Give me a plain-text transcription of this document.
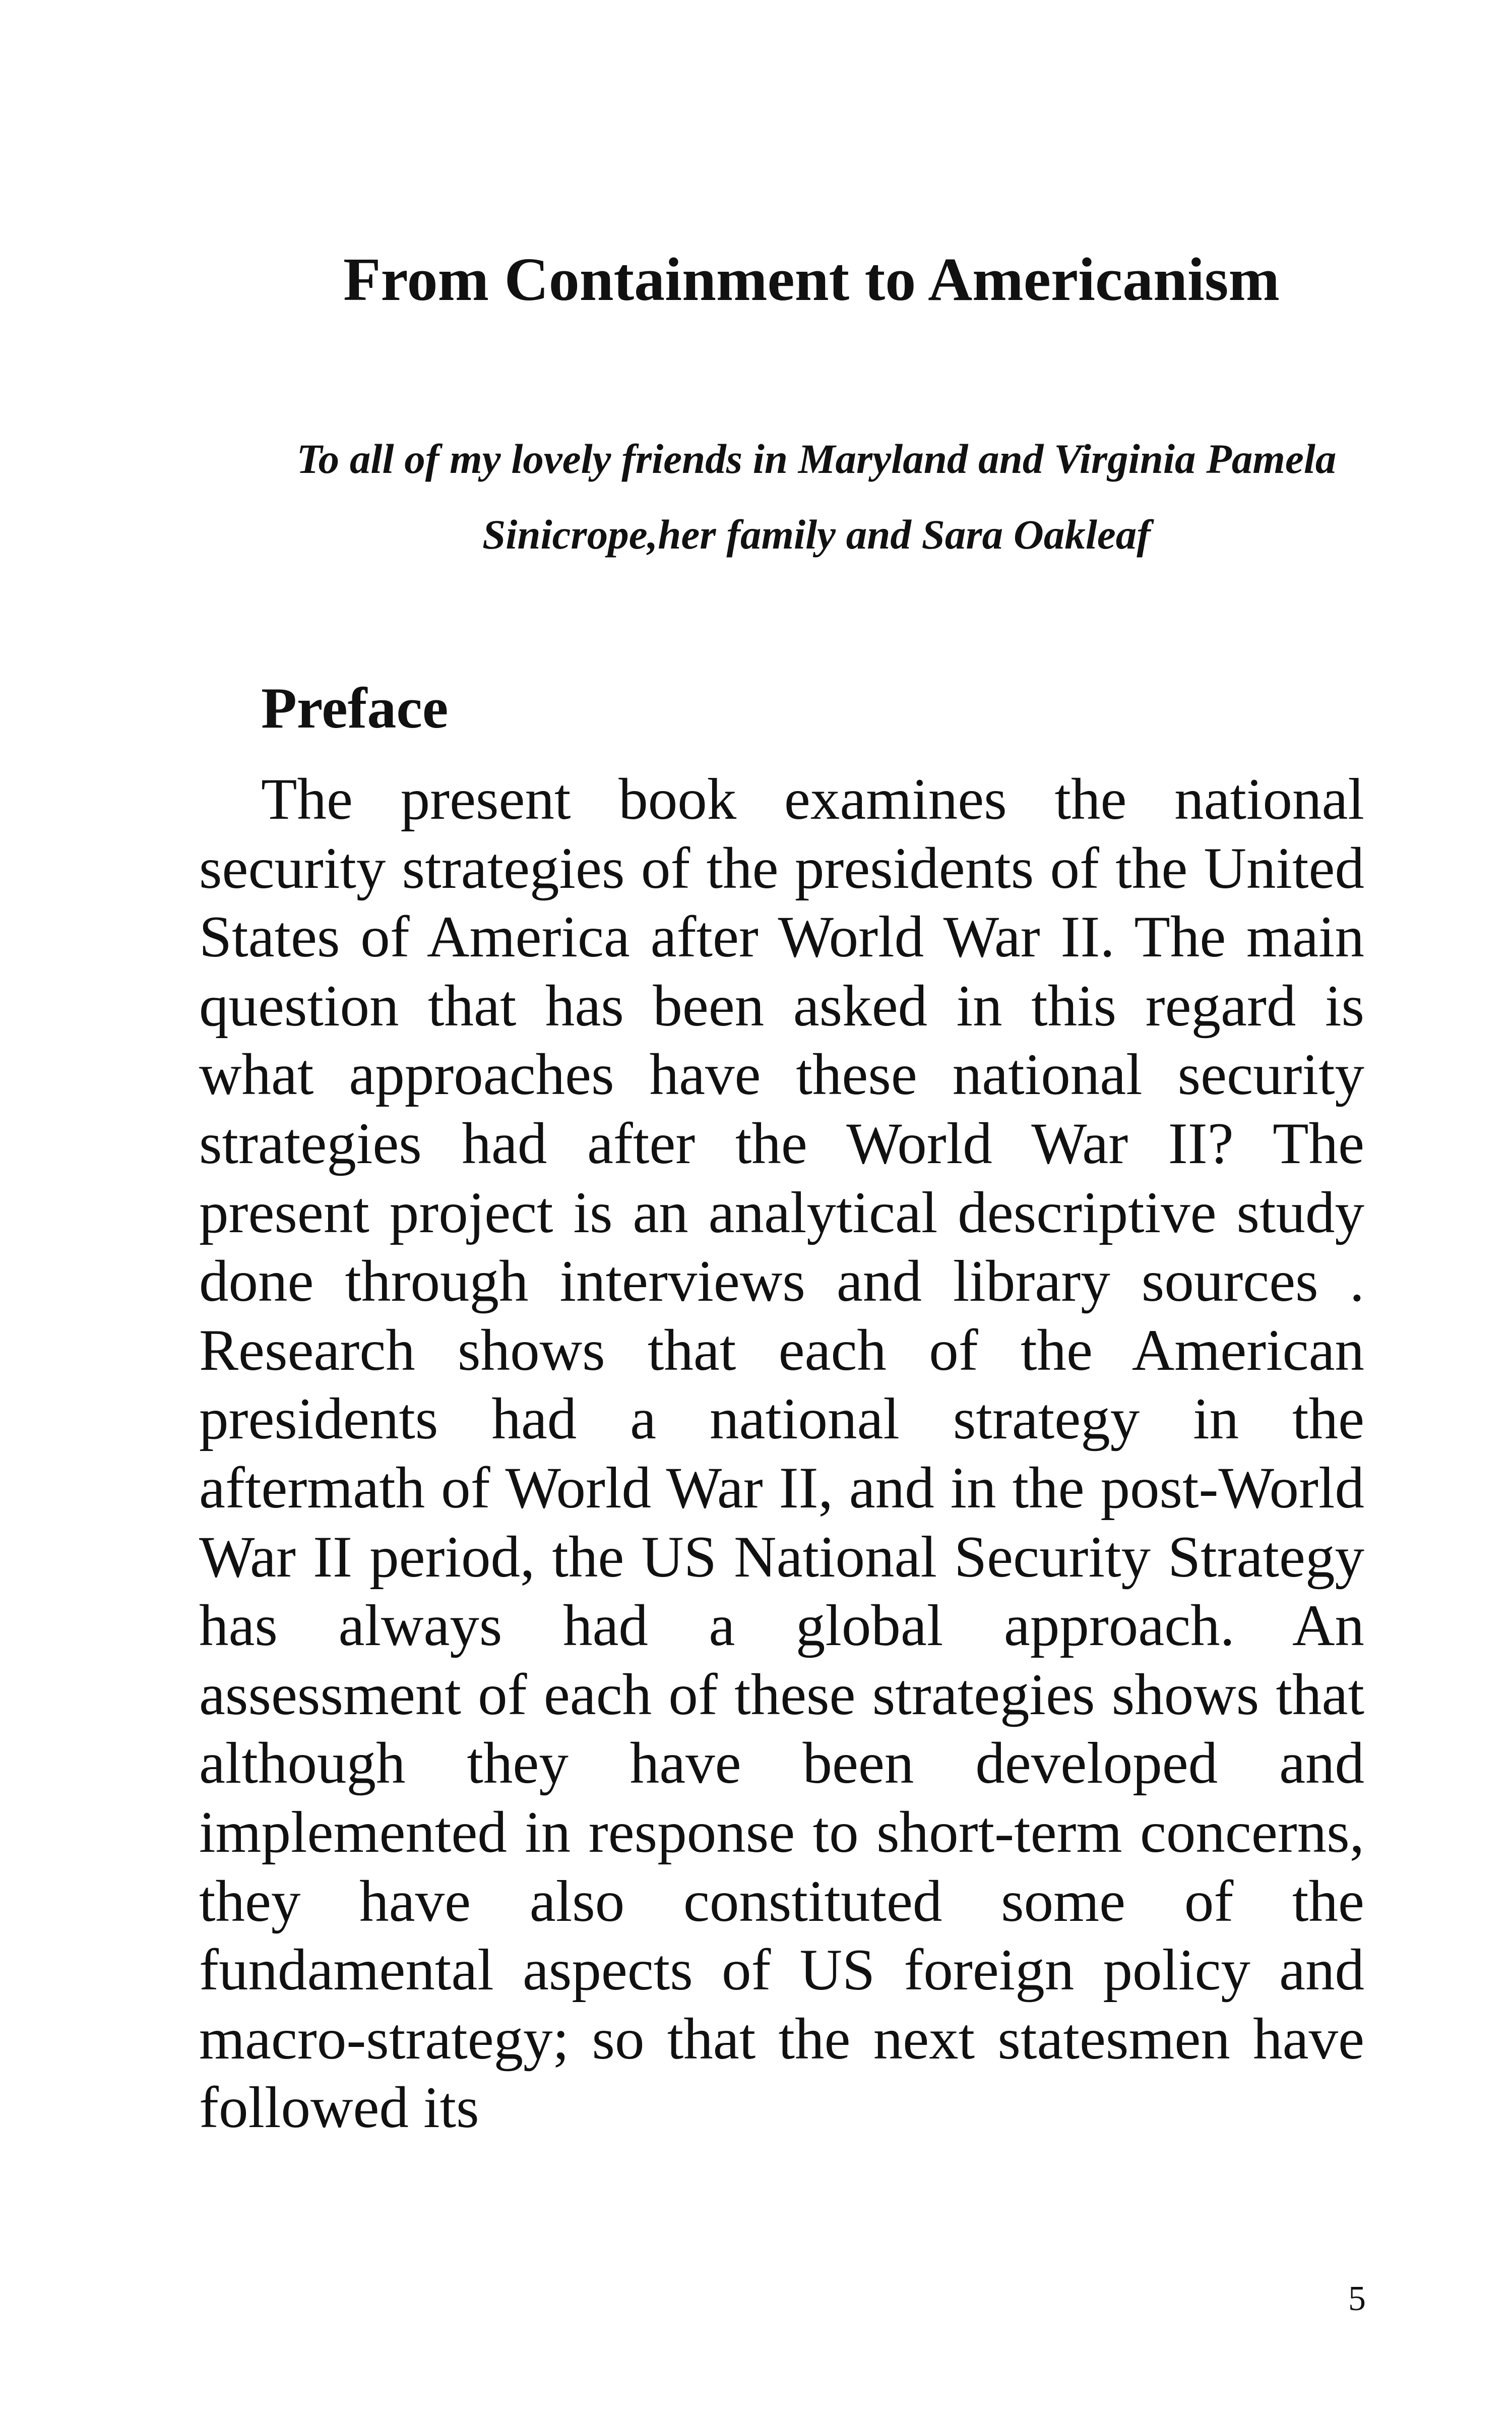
From Containment to Americanism

To all of my lovely friends in Maryland and Virginia Pamela Sinicrope,her family and Sara Oakleaf

Preface

The present book examines the national security strategies of the presidents of the United States of America after World War II. The main question that has been asked in this regard is what approaches have these national security strategies had after the World War II? The present project is an analytical descriptive study done through interviews and library sources . Research shows that each of the American presidents had a national strategy in the aftermath of World War II, and in the post-World War II period, the US National Security Strategy has always had a global approach. An assessment of each of these strategies shows that although they have been developed and implemented in response to short-term concerns, they have also constituted some of the fundamental aspects of US foreign policy and macro-strategy; so that the next statesmen have followed its

5
